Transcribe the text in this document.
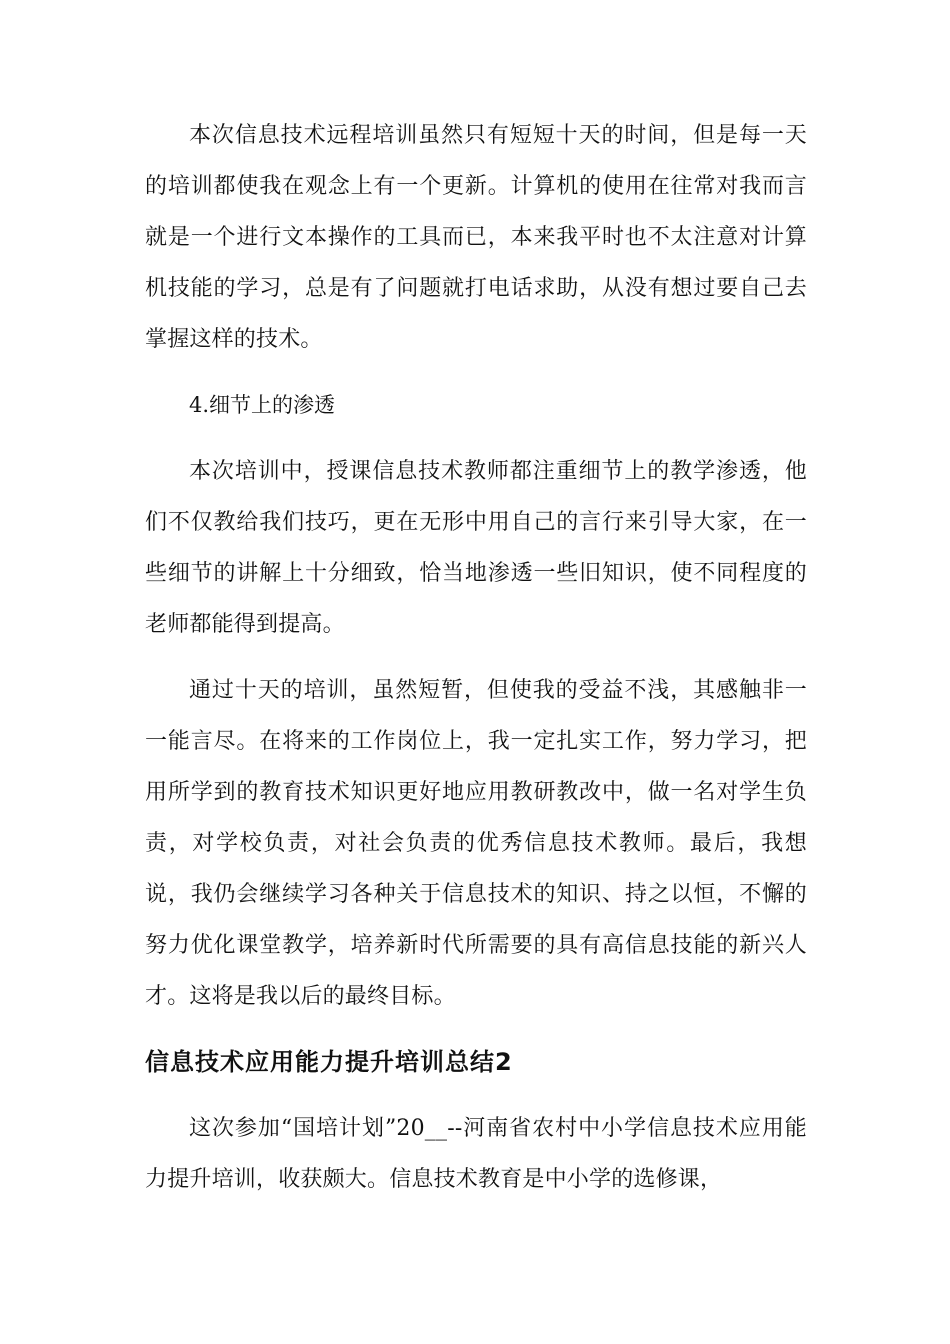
本次信息技术远程培训虽然只有短短十天的时间，但是每一天的培训都使我在观念上有一个更新。计算机的使用在往常对我而言就是一个进行文本操作的工具而已，本来我平时也不太注意对计算机技能的学习，总是有了问题就打电话求助，从没有想过要自己去掌握这样的技术。

4.细节上的渗透

本次培训中，授课信息技术教师都注重细节上的教学渗透，他们不仅教给我们技巧，更在无形中用自己的言行来引导大家，在一些细节的讲解上十分细致，恰当地渗透一些旧知识，使不同程度的老师都能得到提高。

通过十天的培训，虽然短暂，但使我的受益不浅，其感触非一一能言尽。在将来的工作岗位上，我一定扎实工作，努力学习，把用所学到的教育技术知识更好地应用教研教改中，做一名对学生负责，对学校负责，对社会负责的优秀信息技术教师。最后，我想说，我仍会继续学习各种关于信息技术的知识、持之以恒，不懈的努力优化课堂教学，培养新时代所需要的具有高信息技能的新兴人才。这将是我以后的最终目标。

信息技术应用能力提升培训总结2

这次参加“国培计划”20__--河南省农村中小学信息技术应用能力提升培训，收获颇大。信息技术教育是中小学的选修课，
